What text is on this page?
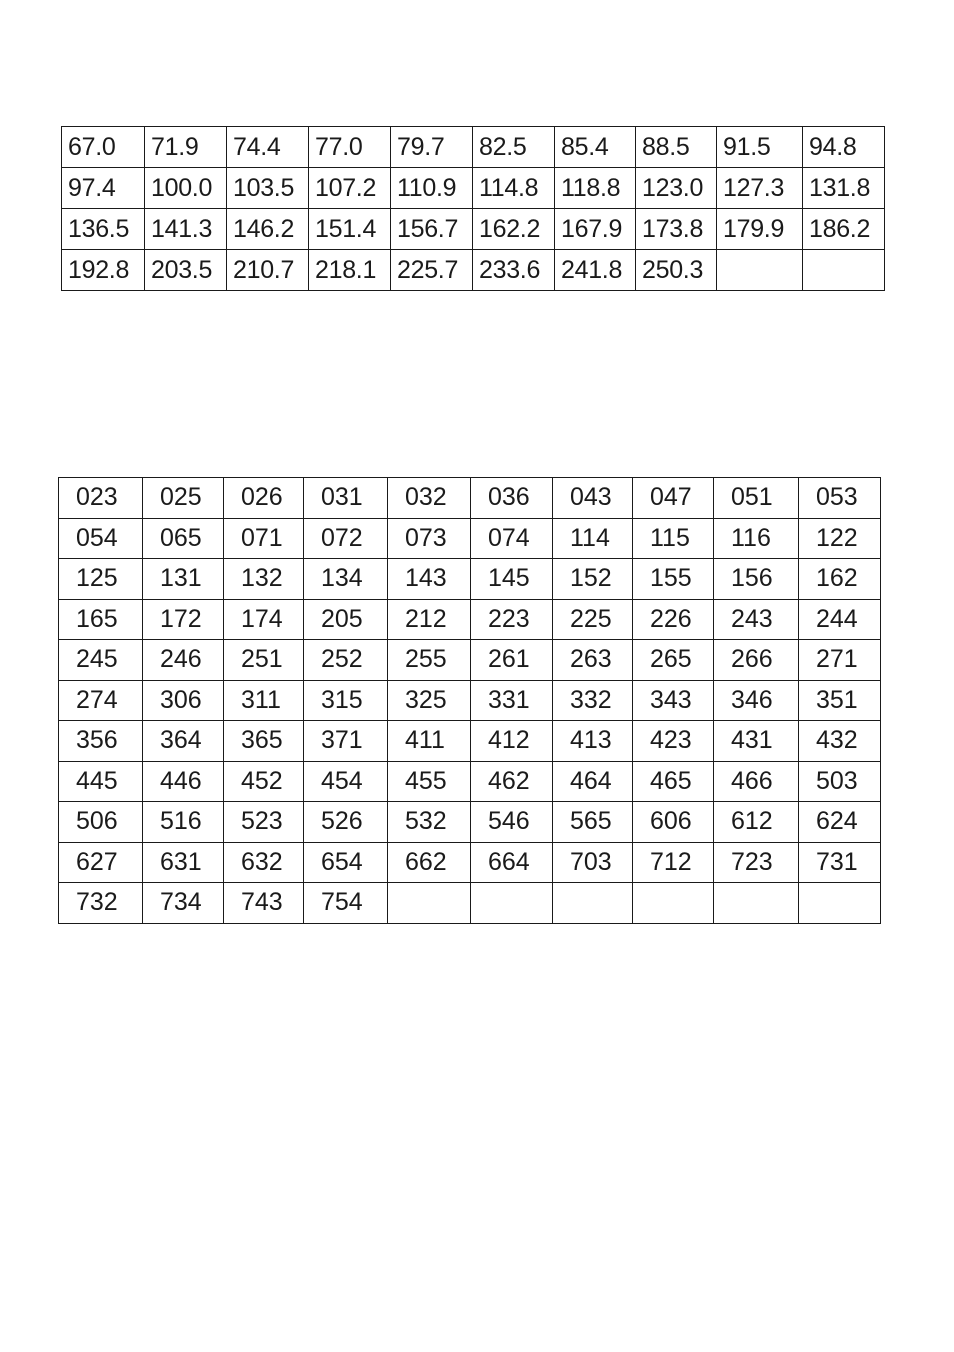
67.0	71.9	74.4	77.0	79.7	82.5	85.4	88.5	91.5	94.8
97.4	100.0	103.5	107.2	110.9	114.8	118.8	123.0	127.3	131.8
136.5	141.3	146.2	151.4	156.7	162.2	167.9	173.8	179.9	186.2
192.8	203.5	210.7	218.1	225.7	233.6	241.8	250.3		
023	025	026	031	032	036	043	047	051	053
054	065	071	072	073	074	114	115	116	122
125	131	132	134	143	145	152	155	156	162
165	172	174	205	212	223	225	226	243	244
245	246	251	252	255	261	263	265	266	271
274	306	311	315	325	331	332	343	346	351
356	364	365	371	411	412	413	423	431	432
445	446	452	454	455	462	464	465	466	503
506	516	523	526	532	546	565	606	612	624
627	631	632	654	662	664	703	712	723	731
732	734	743	754						
